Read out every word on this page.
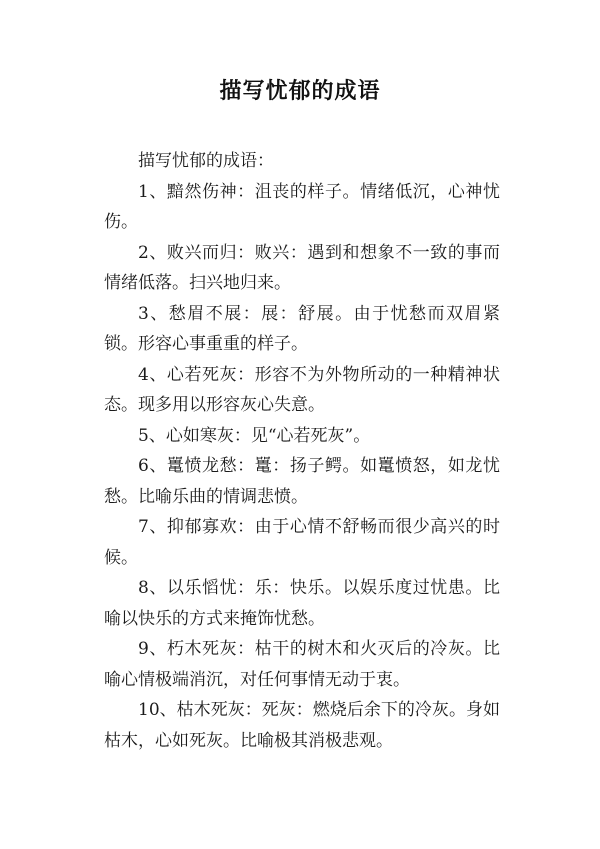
描写忧郁的成语

描写忧郁的成语：

1、黯然伤神：沮丧的样子。情绪低沉，心神忧伤。

2、败兴而归：败兴：遇到和想象不一致的事而情绪低落。扫兴地归来。

3、愁眉不展：展：舒展。由于忧愁而双眉紧锁。形容心事重重的样子。

4、心若死灰：形容不为外物所动的一种精神状态。现多用以形容灰心失意。

5、心如寒灰：见“心若死灰”。

6、鼍愤龙愁：鼍：扬子鳄。如鼍愤怒，如龙忧愁。比喻乐曲的情调悲愤。

7、抑郁寡欢：由于心情不舒畅而很少高兴的时候。

8、以乐慆忧：乐：快乐。以娱乐度过忧患。比喻以快乐的方式来掩饰忧愁。

9、朽木死灰：枯干的树木和火灭后的冷灰。比喻心情极端消沉，对任何事情无动于衷。

10、枯木死灰：死灰：燃烧后余下的冷灰。身如枯木，心如死灰。比喻极其消极悲观。
